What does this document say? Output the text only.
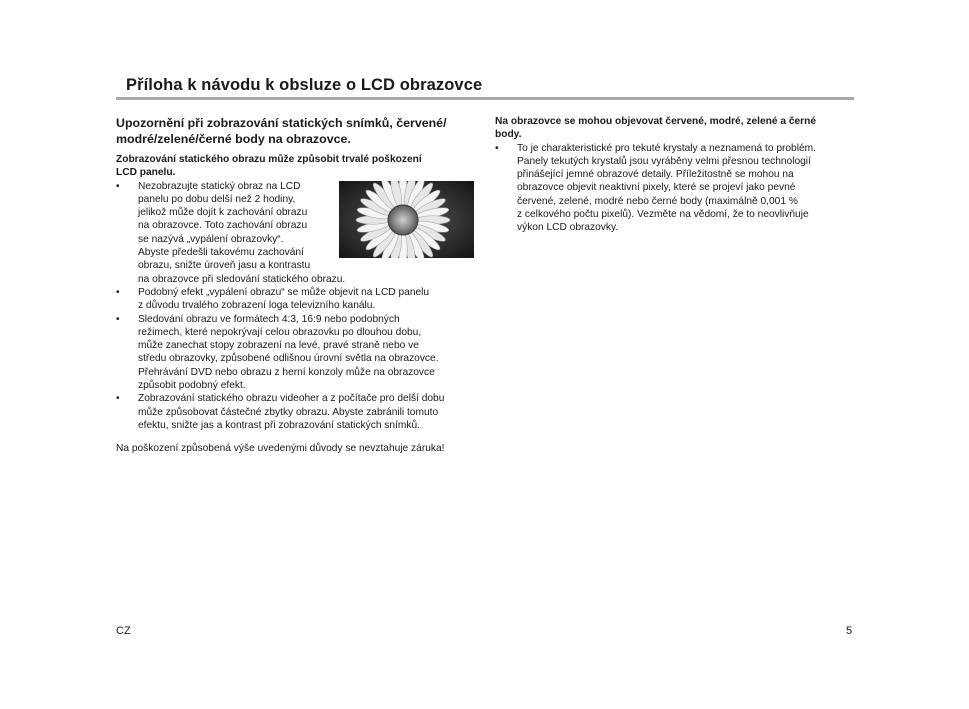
Příloha k návodu k obsluze o LCD obrazovce
Upozornění při zobrazování statických snímků, červené/
modré/zelené/černé body na obrazovce.
Zobrazování statického obrazu může způsobit trvalé poškození
LCD panelu.
• Nezobrazujte statický obraz na LCD
panelu po dobu delší než 2 hodiny,
jelikož může dojít k zachování obrazu
na obrazovce. Toto zachování obrazu
se nazývá „vypálení obrazovky“.
Abyste předešli takovému zachování
obrazu, snižte úroveň jasu a kontrastu
na obrazovce při sledování statického obrazu.
• Podobný efekt „vypálení obrazu“ se může objevit na LCD panelu
z důvodu trvalého zobrazení loga televizního kanálu.
• Sledování obrazu ve formátech 4:3, 16:9 nebo podobných
režimech, které nepokrývají celou obrazovku po dlouhou dobu,
může zanechat stopy zobrazení na levé, pravé straně nebo ve
středu obrazovky, způsobené odlišnou úrovní světla na obrazovce.
Přehrávání DVD nebo obrazu z herní konzoly může na obrazovce
způsobit podobný efekt.
• Zobrazování statického obrazu videoher a z počítače pro delší dobu
může způsobovat částečné zbytky obrazu. Abyste zabránili tomuto
efektu, snižte jas a kontrast při zobrazování statických snímků.

Na poškození způsobená výše uvedenými důvody se nevztahuje záruka!

Na obrazovce se mohou objevovat červené, modré, zelené a černé
body.
• To je charakteristické pro tekuté krystaly a neznamená to problém.
Panely tekutých krystalů jsou vyráběny velmi přesnou technologií
přinášející jemné obrazové detaily. Příležitostně se mohou na
obrazovce objevit neaktivní pixely, které se projeví jako pevné
červené, zelené, modré nebo černé body (maximálně 0,001 %
z celkového počtu pixelů). Vezměte na vědomí, že to neovlivňuje
výkon LCD obrazovky.
CZ	5
